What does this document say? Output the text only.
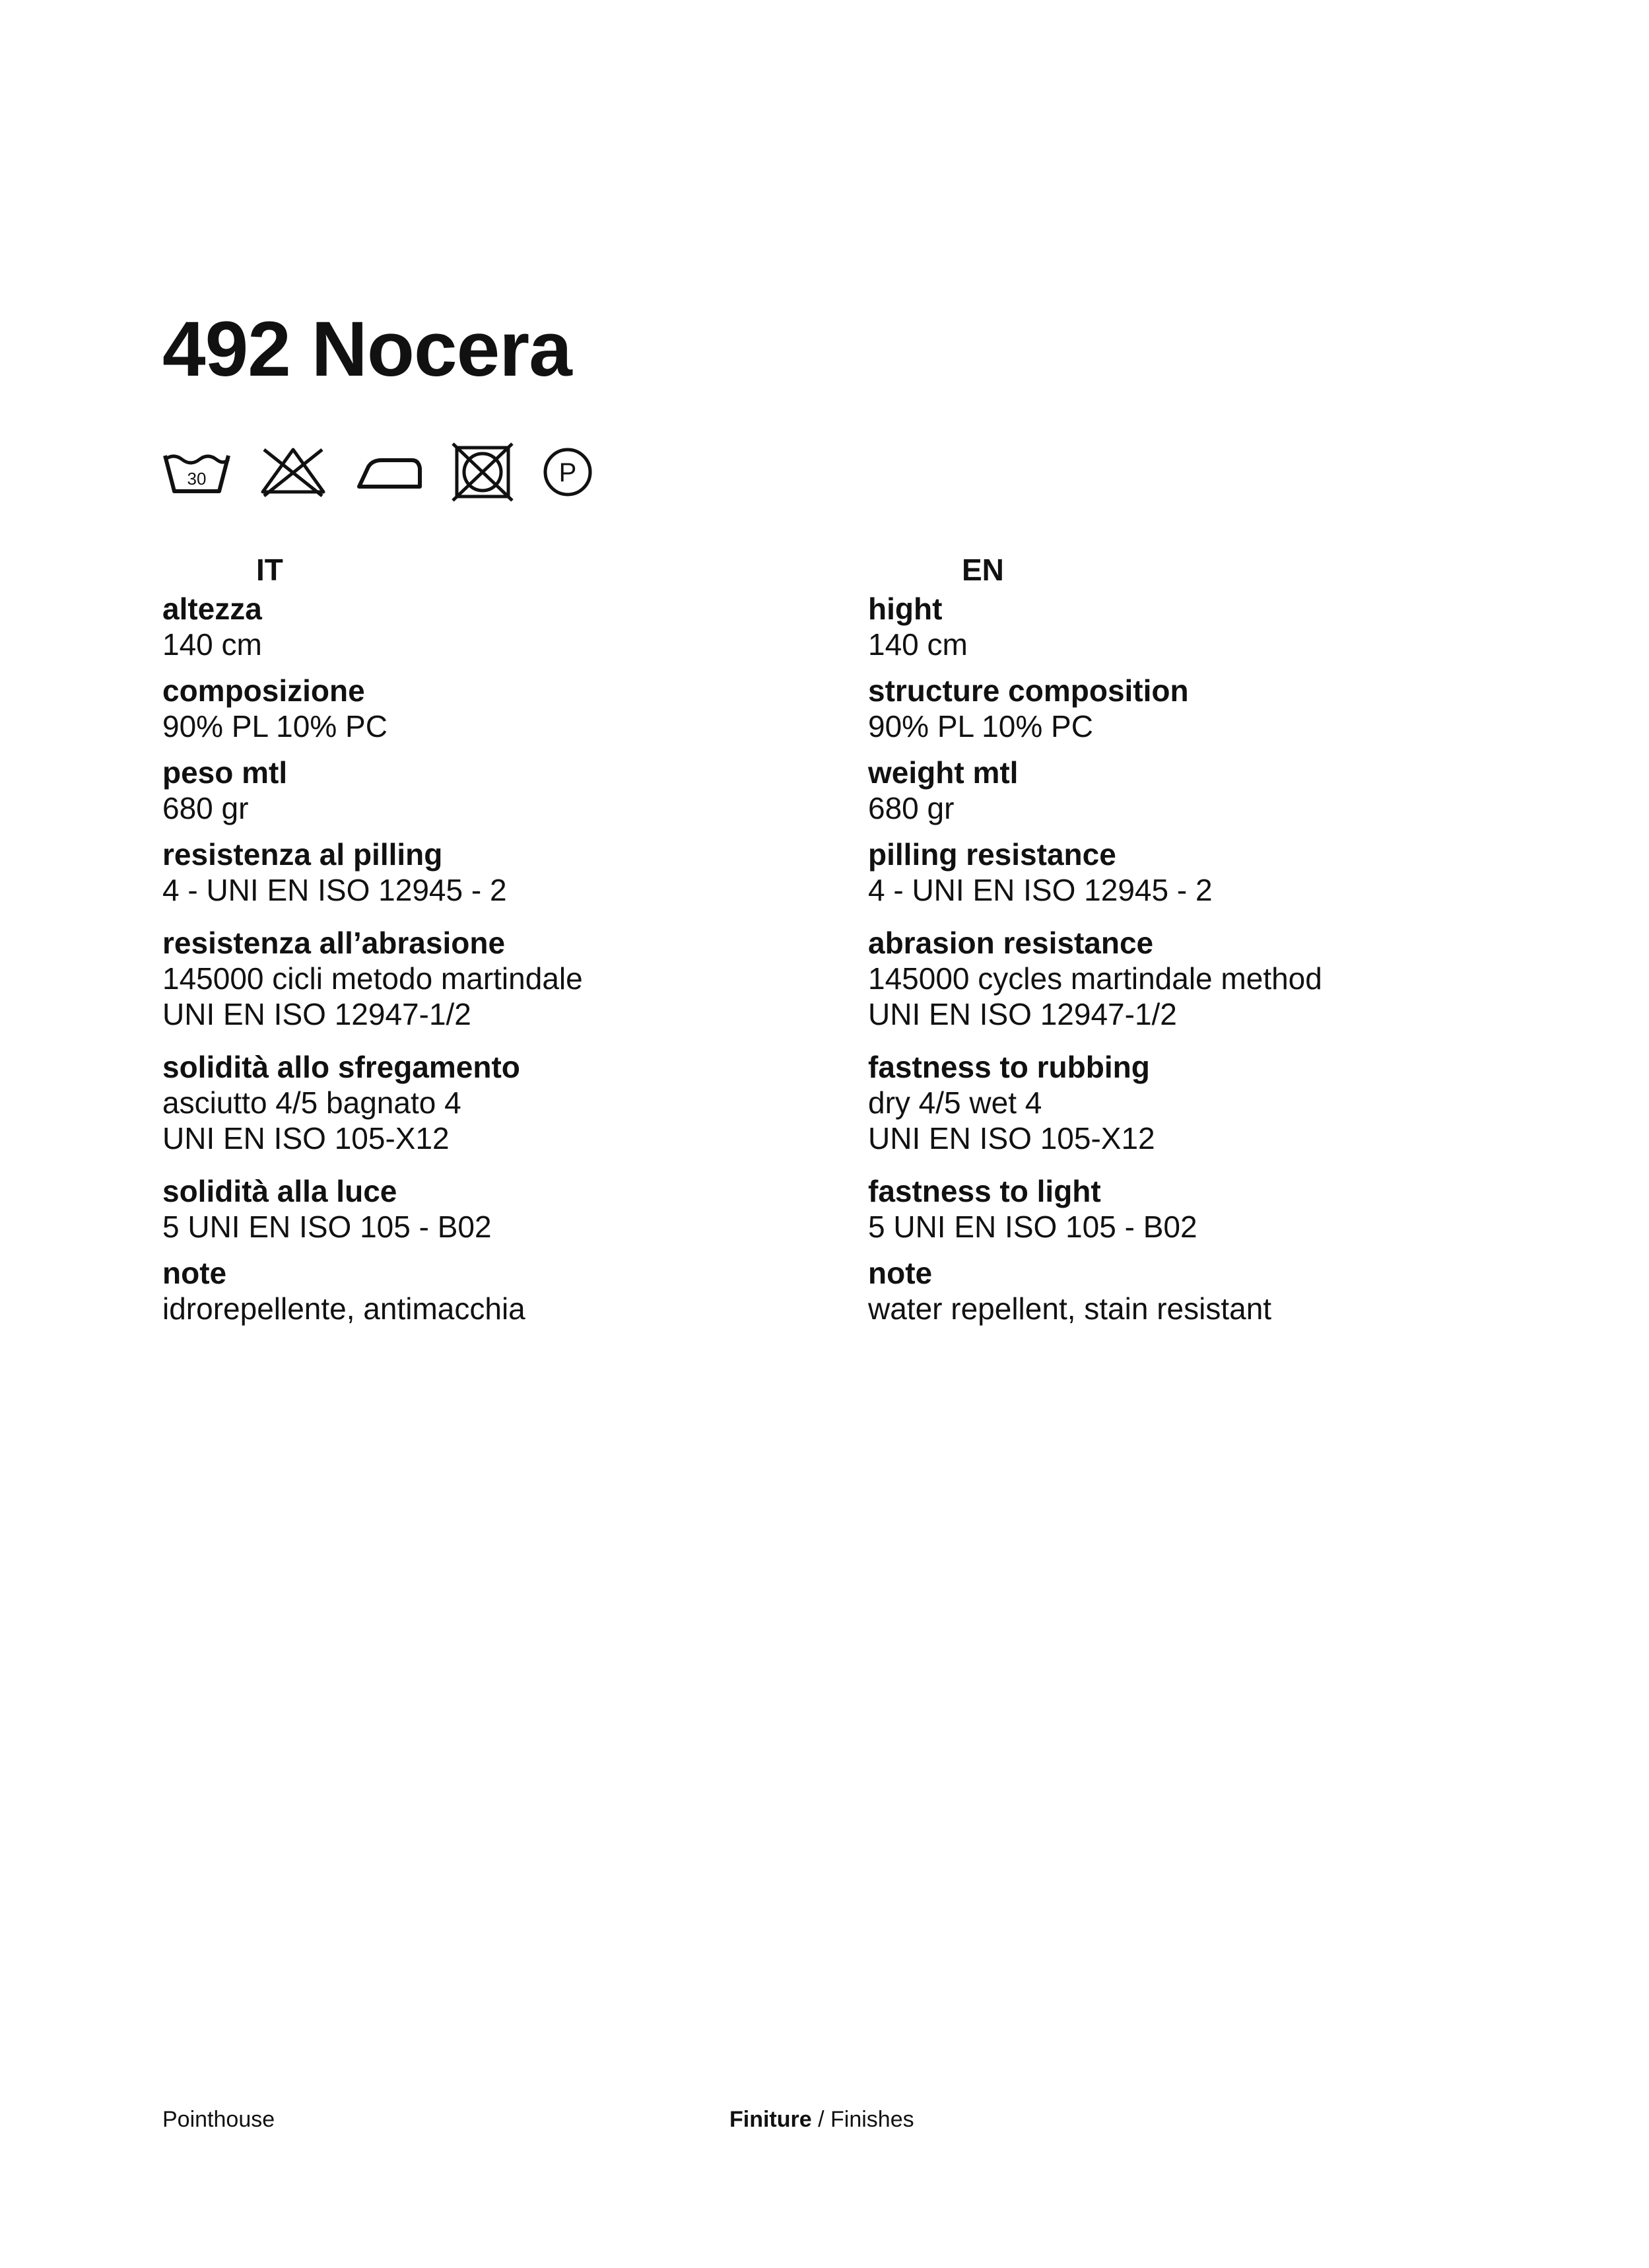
492 Nocera
30	P
IT
altezza
140 cm
composizione
90% PL 10% PC
peso mtl
680 gr
resistenza al pilling
4 - UNI EN ISO 12945 - 2
resistenza all’abrasione
145000 cicli metodo martindale
UNI EN ISO 12947-1/2
solidità allo sfregamento
asciutto 4/5 bagnato 4
UNI EN ISO 105-X12
solidità alla luce
5 UNI EN ISO 105 - B02
note
idrorepellente, antimacchia
EN
hight
140 cm
structure composition
90% PL 10% PC
weight mtl
680 gr
pilling resistance
4 - UNI EN ISO 12945 - 2
abrasion resistance
145000 cycles martindale method
UNI EN ISO 12947-1/2
fastness to rubbing
dry 4/5 wet 4
UNI EN ISO 105-X12
fastness to light
5 UNI EN ISO 105 - B02
note
water repellent, stain resistant
Pointhouse	Finiture / Finishes
